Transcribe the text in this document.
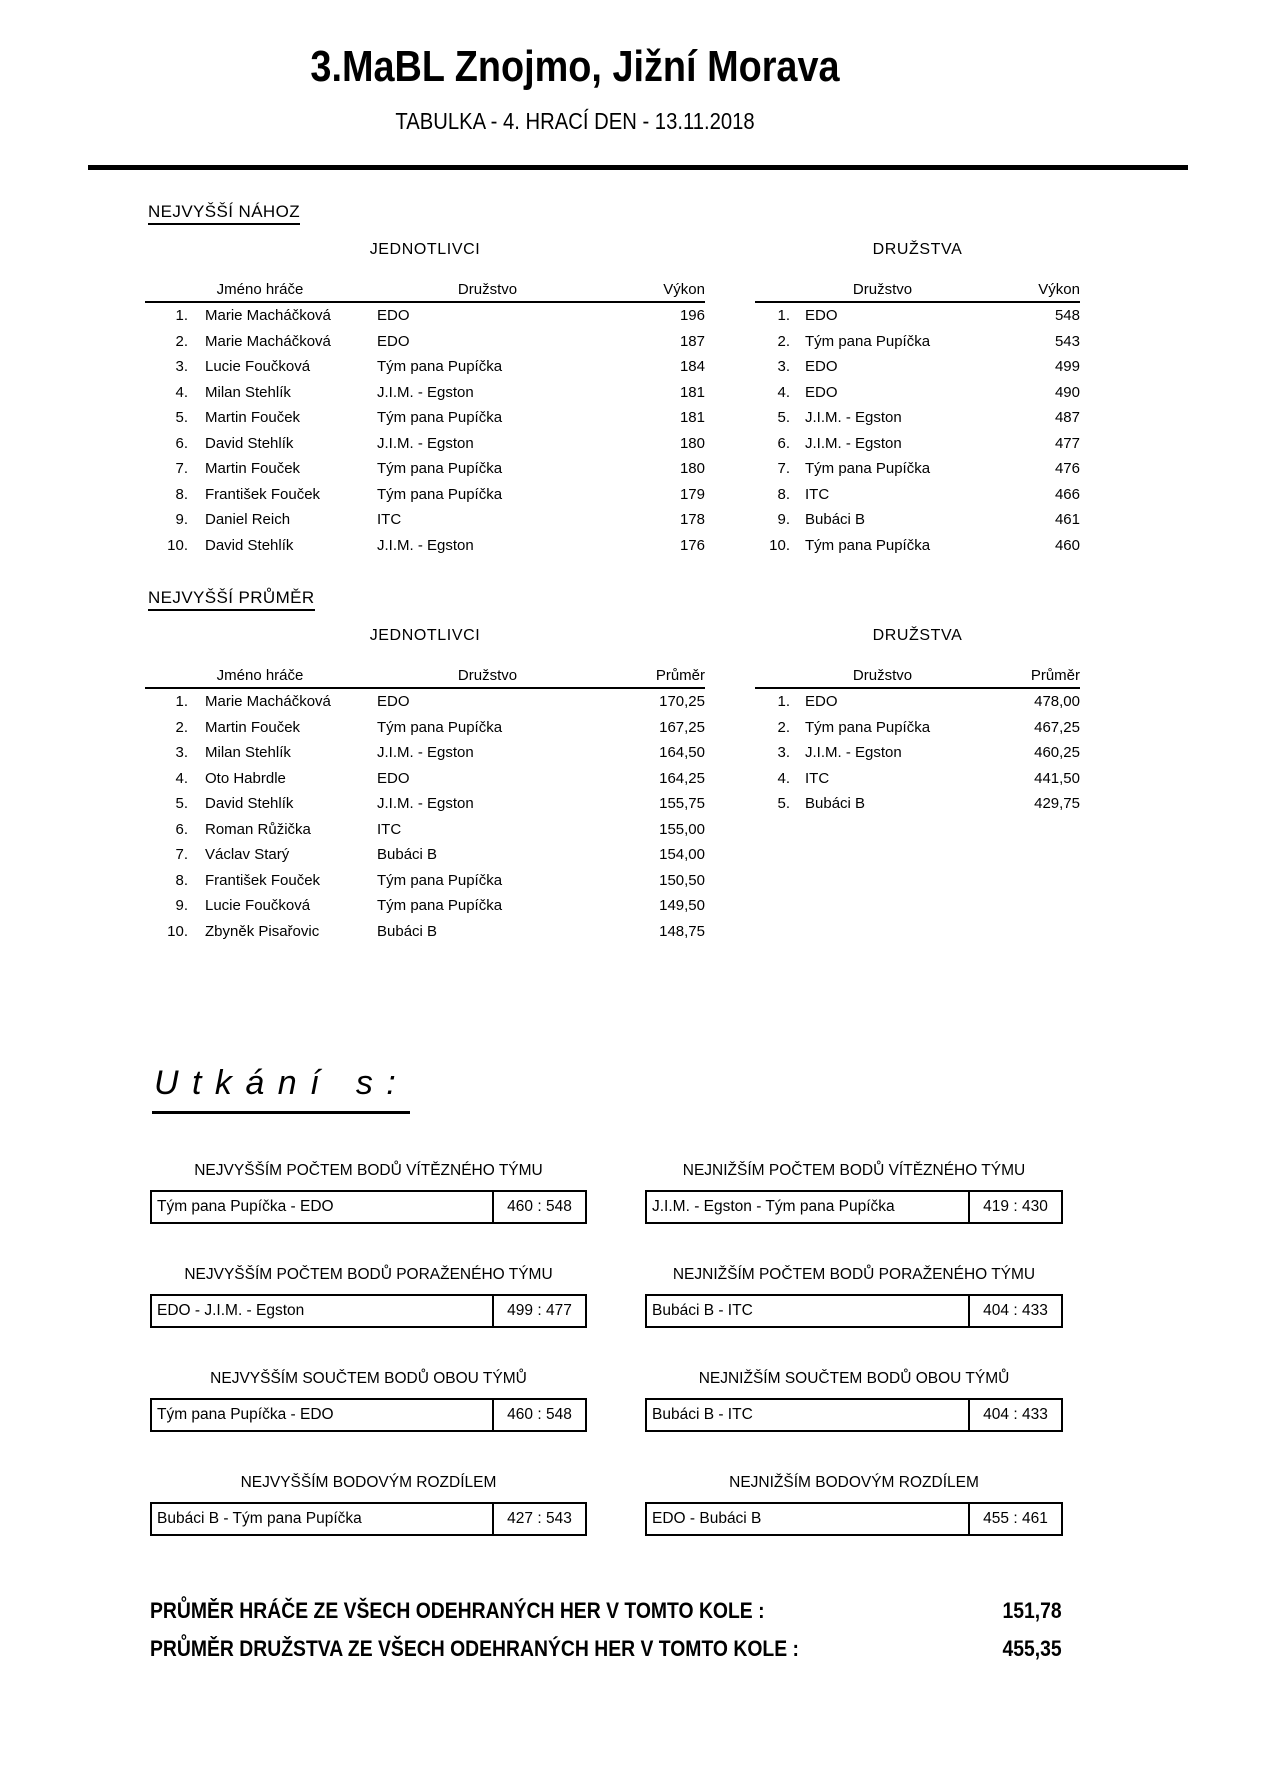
3.MaBL Znojmo, Jižní Morava
TABULKA - 4. HRACÍ DEN - 13.11.2018
NEJVYŠŠÍ NÁHOZ
JEDNOTLIVCI
Jméno hráče	Družstvo	Výkon
1.	Marie Macháčková	EDO	196
2.	Marie Macháčková	EDO	187
3.	Lucie Foučková	Tým pana Pupíčka	184
4.	Milan Stehlík	J.I.M. - Egston	181
5.	Martin Fouček	Tým pana Pupíčka	181
6.	David Stehlík	J.I.M. - Egston	180
7.	Martin Fouček	Tým pana Pupíčka	180
8.	František Fouček	Tým pana Pupíčka	179
9.	Daniel Reich	ITC	178
10.	David Stehlík	J.I.M. - Egston	176
DRUŽSTVA
Družstvo	Výkon
1.	EDO	548
2.	Tým pana Pupíčka	543
3.	EDO	499
4.	EDO	490
5.	J.I.M. - Egston	487
6.	J.I.M. - Egston	477
7.	Tým pana Pupíčka	476
8.	ITC	466
9.	Bubáci B	461
10.	Tým pana Pupíčka	460
NEJVYŠŠÍ PRŮMĚR
JEDNOTLIVCI
Jméno hráče	Družstvo	Průměr
1.	Marie Macháčková	EDO	170,25
2.	Martin Fouček	Tým pana Pupíčka	167,25
3.	Milan Stehlík	J.I.M. - Egston	164,50
4.	Oto Habrdle	EDO	164,25
5.	David Stehlík	J.I.M. - Egston	155,75
6.	Roman Růžička	ITC	155,00
7.	Václav Starý	Bubáci B	154,00
8.	František Fouček	Tým pana Pupíčka	150,50
9.	Lucie Foučková	Tým pana Pupíčka	149,50
10.	Zbyněk Pisařovic	Bubáci B	148,75
DRUŽSTVA
Družstvo	Průměr
1.	EDO	478,00
2.	Tým pana Pupíčka	467,25
3.	J.I.M. - Egston	460,25
4.	ITC	441,50
5.	Bubáci B	429,75
U t k á n í   s :
NEJVYŠŠÍM POČTEM BODŮ VÍTĚZNÉHO TÝMU
Tým pana Pupíčka - EDO	460 : 548
NEJNIŽŠÍM POČTEM BODŮ VÍTĚZNÉHO TÝMU
J.I.M. - Egston - Tým pana Pupíčka	419 : 430
NEJVYŠŠÍM POČTEM BODŮ PORAŽENÉHO TÝMU
EDO - J.I.M. - Egston	499 : 477
NEJNIŽŠÍM POČTEM BODŮ PORAŽENÉHO TÝMU
Bubáci B - ITC	404 : 433
NEJVYŠŠÍM SOUČTEM BODŮ OBOU TÝMŮ
Tým pana Pupíčka - EDO	460 : 548
NEJNIŽŠÍM SOUČTEM BODŮ OBOU TÝMŮ
Bubáci B - ITC	404 : 433
NEJVYŠŠÍM BODOVÝM ROZDÍLEM
Bubáci B - Tým pana Pupíčka	427 : 543
NEJNIŽŠÍM BODOVÝM ROZDÍLEM
EDO - Bubáci B	455 : 461
PRŮMĚR HRÁČE ZE VŠECH ODEHRANÝCH HER V TOMTO KOLE :	151,78
PRŮMĚR DRUŽSTVA ZE VŠECH ODEHRANÝCH HER V TOMTO KOLE :	455,35
